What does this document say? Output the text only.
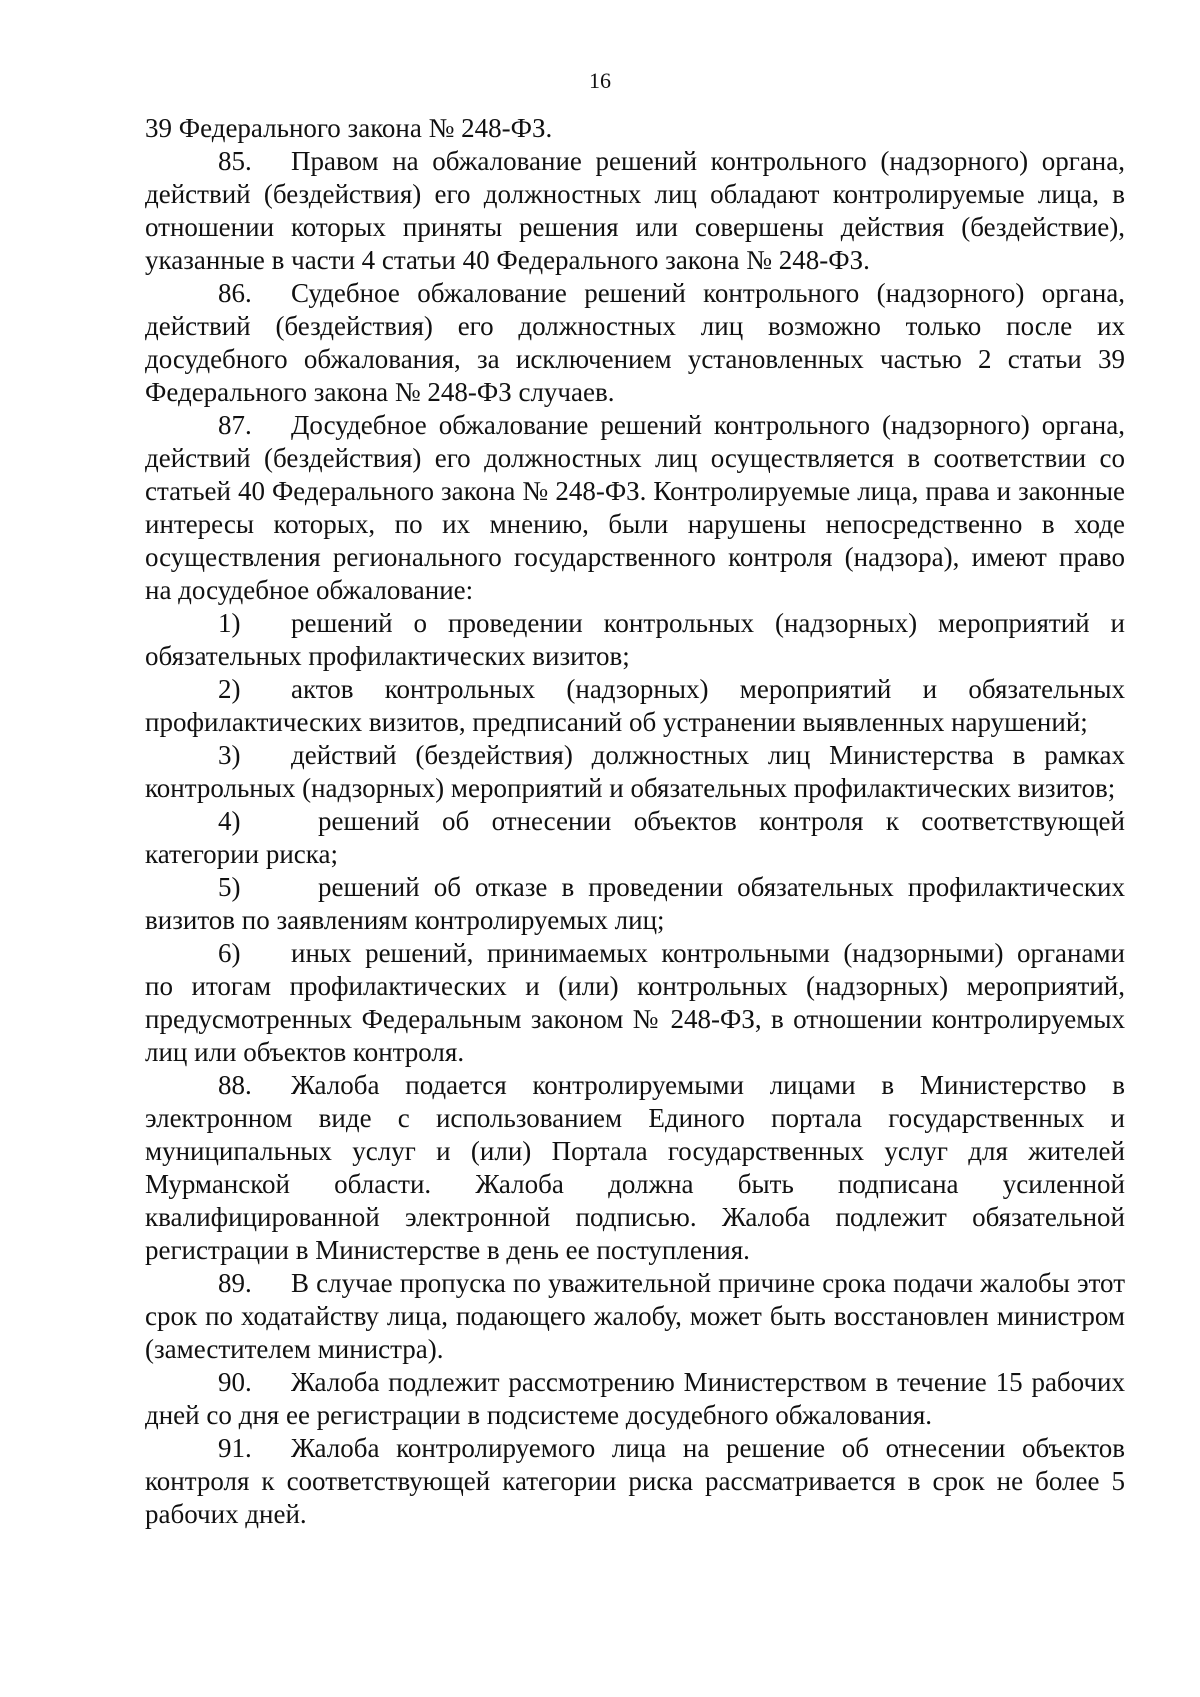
16

39 Федерального закона № 248-ФЗ.

85. Правом на обжалование решений контрольного (надзорного) органа, действий (бездействия) его должностных лиц обладают контролируемые лица, в отношении которых приняты решения или совершены действия (бездействие), указанные в части 4 статьи 40 Федерального закона № 248-ФЗ.

86. Судебное обжалование решений контрольного (надзорного) органа, действий (бездействия) его должностных лиц возможно только после их досудебного обжалования, за исключением установленных частью 2 статьи 39 Федерального закона № 248-ФЗ случаев.

87. Досудебное обжалование решений контрольного (надзорного) органа, действий (бездействия) его должностных лиц осуществляется в соответствии со статьей 40 Федерального закона № 248-ФЗ. Контролируемые лица, права и законные интересы которых, по их мнению, были нарушены непосредственно в ходе осуществления регионального государственного контроля (надзора), имеют право на досудебное обжалование:

1) решений о проведении контрольных (надзорных) мероприятий и обязательных профилактических визитов;

2) актов контрольных (надзорных) мероприятий и обязательных профилактических визитов, предписаний об устранении выявленных нарушений;

3) действий (бездействия) должностных лиц Министерства в рамках контрольных (надзорных) мероприятий и обязательных профилактических визитов;

4)	решений об отнесении объектов контроля к соответствующей категории риска;

5)	решений об отказе в проведении обязательных профилактических визитов по заявлениям контролируемых лиц;

6) иных решений, принимаемых контрольными (надзорными) органами по итогам профилактических и (или) контрольных (надзорных) мероприятий, предусмотренных Федеральным законом № 248-ФЗ, в отношении контролируемых лиц или объектов контроля.

88. Жалоба подается контролируемыми лицами в Министерство в электронном виде с использованием Единого портала государственных и муниципальных услуг и (или) Портала государственных услуг для жителей Мурманской области. Жалоба должна быть подписана усиленной квалифицированной электронной подписью. Жалоба подлежит обязательной регистрации в Министерстве в день ее поступления.

89. В случае пропуска по уважительной причине срока подачи жалобы этот срок по ходатайству лица, подающего жалобу, может быть восстановлен министром (заместителем министра).

90. Жалоба подлежит рассмотрению Министерством в течение 15 рабочих дней со дня ее регистрации в подсистеме досудебного обжалования.

91. Жалоба контролируемого лица на решение об отнесении объектов контроля к соответствующей категории риска рассматривается в срок не более 5 рабочих дней.
